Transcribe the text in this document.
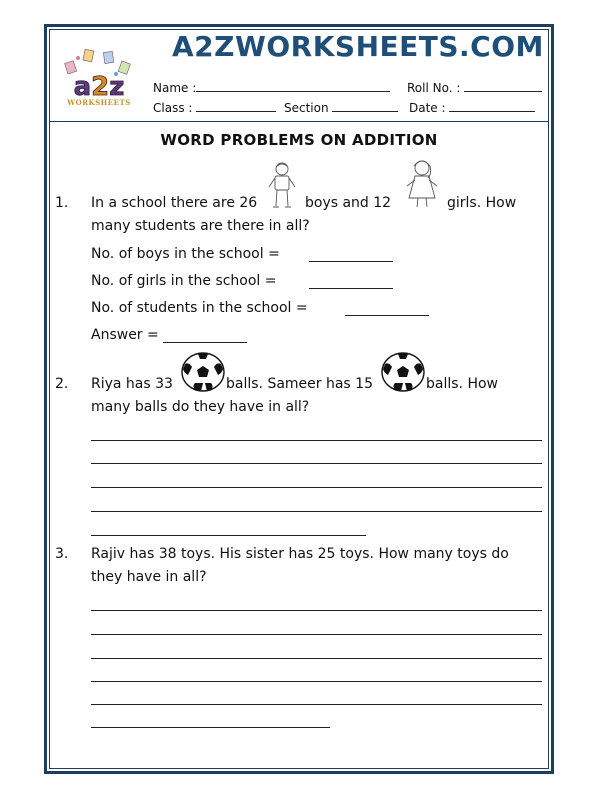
a2z
WORKSHEETS
A2ZWORKSHEETS.COM
Name :	Roll No. :
Class :	Section	Date :
WORD PROBLEMS ON ADDITION
1. In a school there are 26	boys and 12	girls. How
many students are there in all?
No. of boys in the school =
No. of girls in the school =
No. of students in the school =
Answer =
2. Riya has 33	balls. Sameer has 15	balls. How
many balls do they have in all?
3. Rajiv has 38 toys. His sister has 25 toys. How many toys do
they have in all?
